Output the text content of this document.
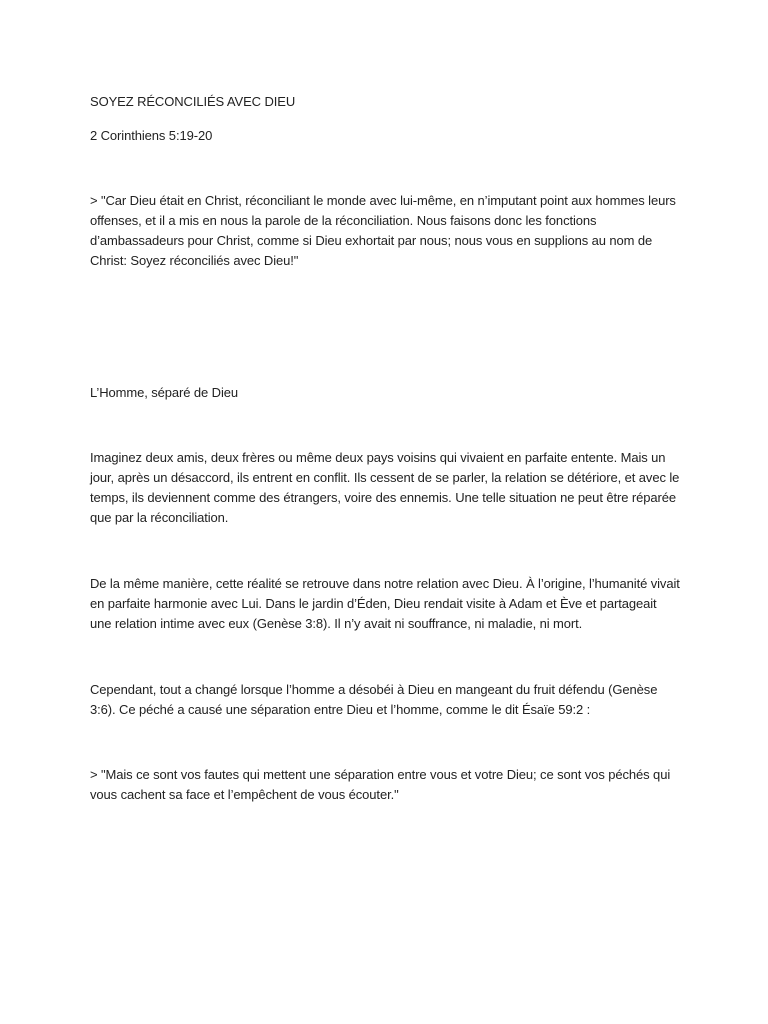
SOYEZ RÉCONCILIÉS AVEC DIEU
2 Corinthiens 5:19-20
> "Car Dieu était en Christ, réconciliant le monde avec lui-même, en n’imputant point aux hommes leurs offenses, et il a mis en nous la parole de la réconciliation. Nous faisons donc les fonctions d’ambassadeurs pour Christ, comme si Dieu exhortait par nous; nous vous en supplions au nom de Christ: Soyez réconciliés avec Dieu!"
L’Homme, séparé de Dieu
Imaginez deux amis, deux frères ou même deux pays voisins qui vivaient en parfaite entente. Mais un jour, après un désaccord, ils entrent en conflit. Ils cessent de se parler, la relation se détériore, et avec le temps, ils deviennent comme des étrangers, voire des ennemis. Une telle situation ne peut être réparée que par la réconciliation.
De la même manière, cette réalité se retrouve dans notre relation avec Dieu. À l’origine, l’humanité vivait en parfaite harmonie avec Lui. Dans le jardin d’Éden, Dieu rendait visite à Adam et Ève et partageait une relation intime avec eux (Genèse 3:8). Il n’y avait ni souffrance, ni maladie, ni mort.
Cependant, tout a changé lorsque l’homme a désobéi à Dieu en mangeant du fruit défendu (Genèse 3:6). Ce péché a causé une séparation entre Dieu et l’homme, comme le dit Ésaïe 59:2 :
> "Mais ce sont vos fautes qui mettent une séparation entre vous et votre Dieu; ce sont vos péchés qui vous cachent sa face et l’empêchent de vous écouter."
